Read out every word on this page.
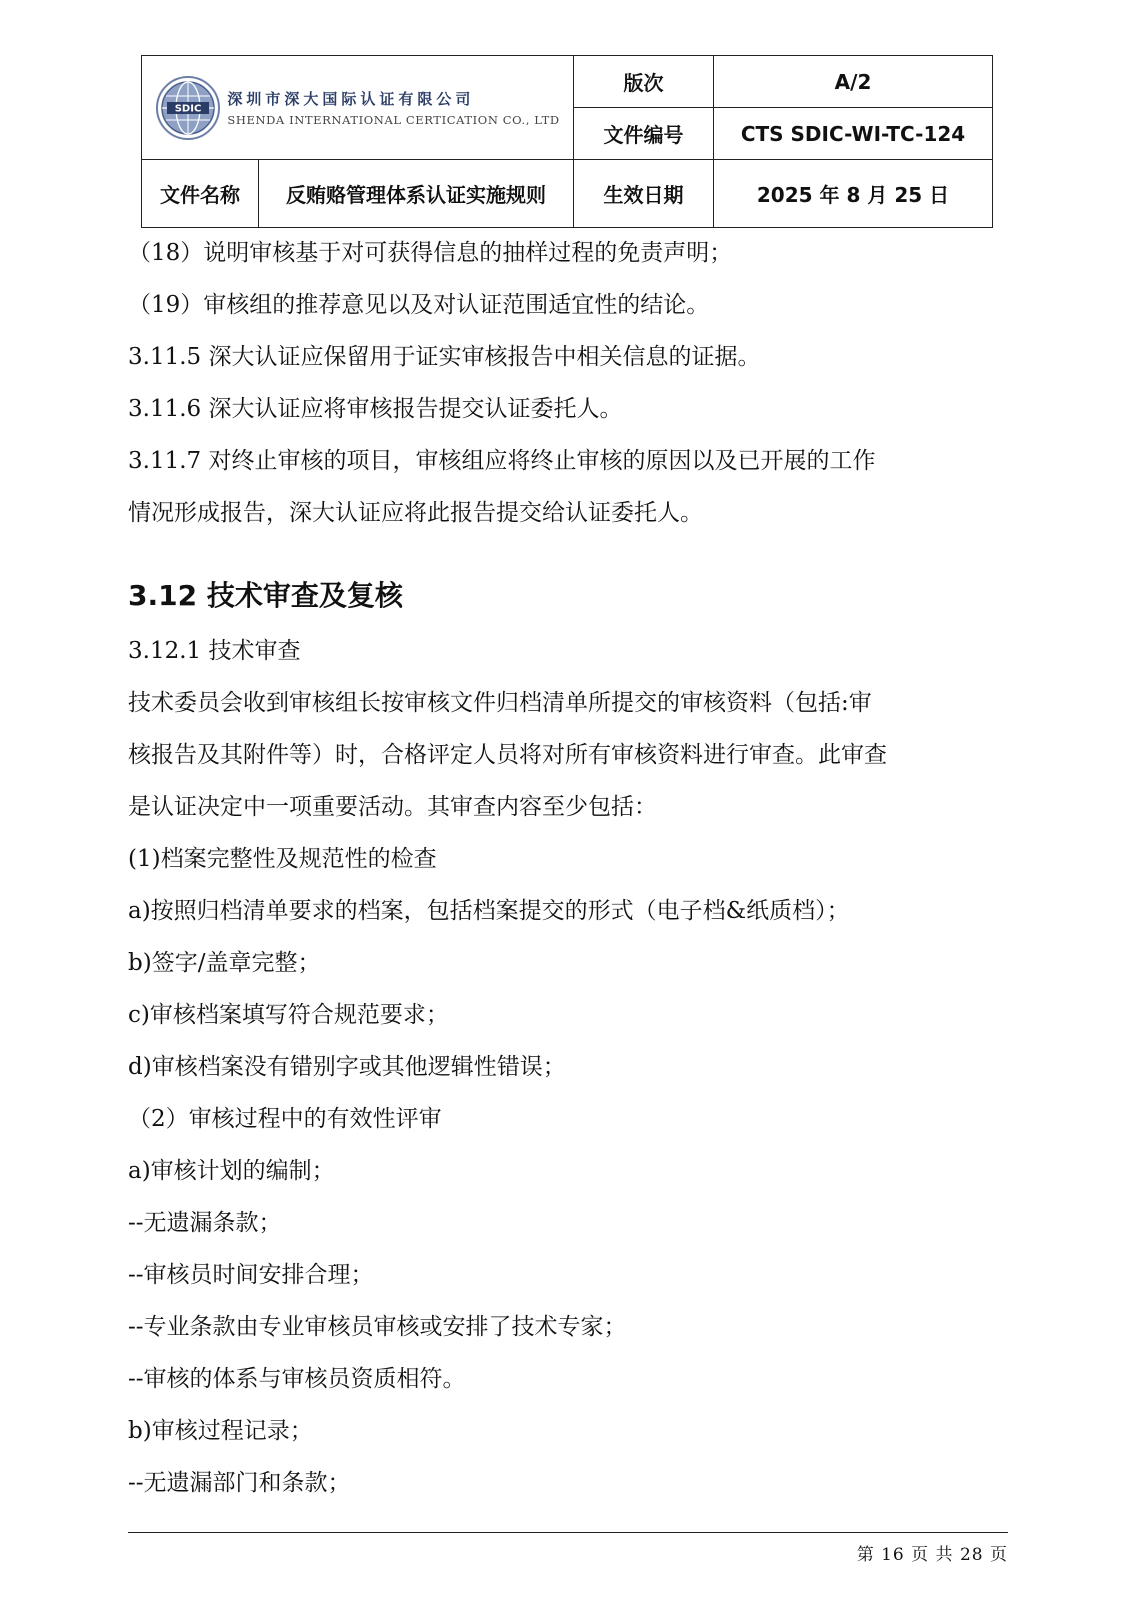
SDIC
深圳市深大国际认证有限公司
SHENDA INTERNATIONAL CERTICATION CO., LTD		版次	A/2
		文件编号	CTS SDIC-WI-TC-124
文件名称	反贿赂管理体系认证实施规则	生效日期	2025 年 8 月 25 日

（18）说明审核基于对可获得信息的抽样过程的免责声明；

（19）审核组的推荐意见以及对认证范围适宜性的结论。

3.11.5 深大认证应保留用于证实审核报告中相关信息的证据。

3.11.6 深大认证应将审核报告提交认证委托人。

3.11.7 对终止审核的项目，审核组应将终止审核的原因以及已开展的工作

情况形成报告，深大认证应将此报告提交给认证委托人。

3.12 技术审查及复核

3.12.1 技术审查

技术委员会收到审核组长按审核文件归档清单所提交的审核资料（包括:审

核报告及其附件等）时，合格评定人员将对所有审核资料进行审查。此审查

是认证决定中一项重要活动。其审查内容至少包括：

(1)档案完整性及规范性的检查

a)按照归档清单要求的档案，包括档案提交的形式（电子档&纸质档）；

b)签字/盖章完整；

c)审核档案填写符合规范要求；

d)审核档案没有错别字或其他逻辑性错误；

（2）审核过程中的有效性评审

a)审核计划的编制；

--无遗漏条款；

--审核员时间安排合理；

--专业条款由专业审核员审核或安排了技术专家；

--审核的体系与审核员资质相符。

b)审核过程记录；

--无遗漏部门和条款；

第 16 页 共 28 页
